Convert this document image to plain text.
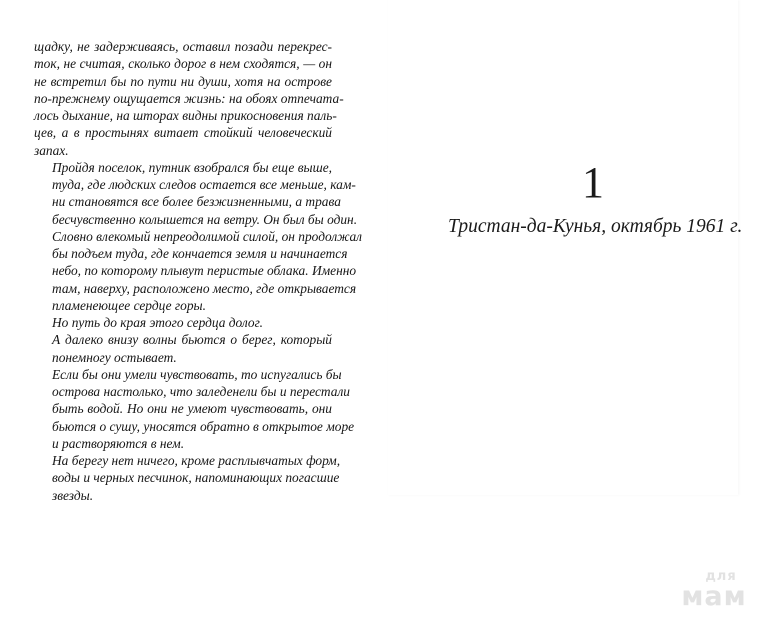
щадку, не задерживаясь, оставил позади перекрес-
ток, не считая, сколько дорог в нем сходятся, — он
не встретил бы по пути ни души, хотя на острове
по-прежнему ощущается жизнь: на обоях отпечата-
лось дыхание, на шторах видны прикосновения паль-
цев, а в простынях витает стойкий человеческий
запах.
Пройдя поселок, путник взобрался бы еще выше,
туда, где людских следов остается все меньше, кам-
ни становятся все более безжизненными, а трава
бесчувственно колышется на ветру. Он был бы один.
Словно влекомый непреодолимой силой, он продолжал
бы подъем туда, где кончается земля и начинается
небо, по которому плывут перистые облака. Именно
там, наверху, расположено место, где открывается
пламенеющее сердце горы.
Но путь до края этого сердца долог.
А далеко внизу волны бьются о берег, который
понемногу остывает.
Если бы они умели чувствовать, то испугались бы
острова настолько, что заледенели бы и перестали
быть водой. Но они не умеют чувствовать, они
бьются о сушу, уносятся обратно в открытое море
и растворяются в нем.
На берегу нет ничего, кроме расплывчатых форм,
воды и черных песчинок, напоминающих погасшие
звезды.
1
Тристан-да-Кунья, октябрь 1961 г.
для
мам
